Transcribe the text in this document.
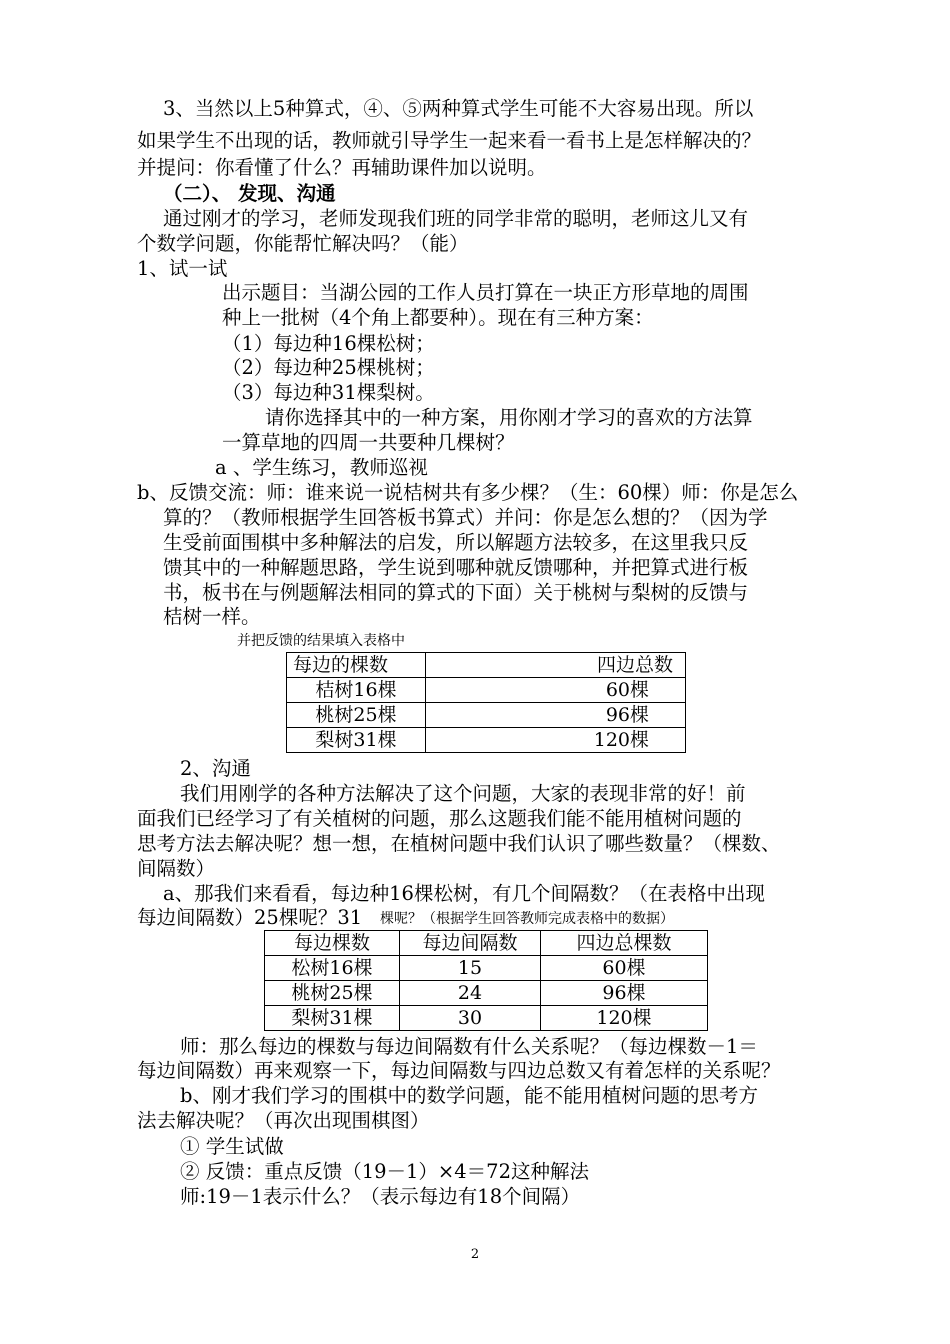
3、当然以上5种算式，④、⑤两种算式学生可能不大容易出现。所以
如果学生不出现的话，教师就引导学生一起来看一看书上是怎样解决的？
并提问：你看懂了什么？再辅助课件加以说明。
（二）、 发现、沟通
通过刚才的学习，老师发现我们班的同学非常的聪明，老师这儿又有
个数学问题，你能帮忙解决吗？（能）
1、试一试
出示题目：当湖公园的工作人员打算在一块正方形草地的周围
种上一批树（4个角上都要种）。现在有三种方案：
（1）每边种16棵松树；
（2）每边种25棵桃树；
（3）每边种31棵梨树。
请你选择其中的一种方案，用你刚才学习的喜欢的方法算
一算草地的四周一共要种几棵树？
a 、学生练习，教师巡视
b、反馈交流：师：谁来说一说桔树共有多少棵？（生：60棵）师：你是怎么
算的？（教师根据学生回答板书算式）并问：你是怎么想的？（因为学
生受前面围棋中多种解法的启发，所以解题方法较多，在这里我只反
馈其中的一种解题思路，学生说到哪种就反馈哪种，并把算式进行板
书，板书在与例题解法相同的算式的下面）关于桃树与梨树的反馈与
桔树一样。
并把反馈的结果填入表格中
每边的棵数	四边总数
桔树16棵	60棵
桃树25棵	96棵
梨树31棵	120棵
2、沟通
我们用刚学的各种方法解决了这个问题，大家的表现非常的好！前
面我们已经学习了有关植树的问题，那么这题我们能不能用植树问题的
思考方法去解决呢？想一想，在植树问题中我们认识了哪些数量？（棵数、
间隔数）
a、那我们来看看，每边种16棵松树，有几个间隔数？（在表格中出现
每边间隔数）25棵呢？31 棵呢？（根据学生回答教师完成表格中的数据）
每边棵数	每边间隔数	四边总棵数
松树16棵	15	60棵
桃树25棵	24	96棵
梨树31棵	30	120棵
师：那么每边的棵数与每边间隔数有什么关系呢？（每边棵数－1＝
每边间隔数）再来观察一下，每边间隔数与四边总数又有着怎样的关系呢？
b、刚才我们学习的围棋中的数学问题，能不能用植树问题的思考方
法去解决呢？（再次出现围棋图）
① 学生试做
② 反馈：重点反馈（19－1）×4＝72这种解法
师:19－1表示什么？（表示每边有18个间隔）
2
